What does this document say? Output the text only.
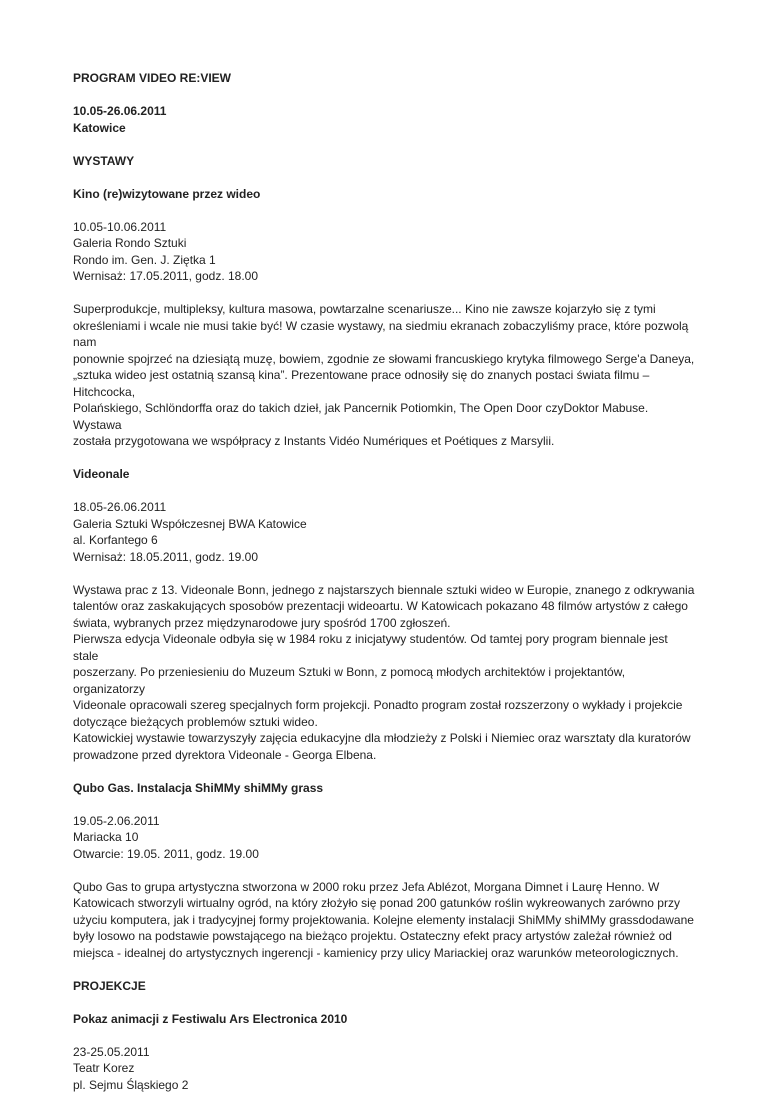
PROGRAM VIDEO RE:VIEW

10.05-26.06.2011

Katowice

WYSTAWY

Kino (re)wizytowane przez wideo

10.05-10.06.2011

Galeria Rondo Sztuki

Rondo im. Gen. J. Ziętka 1

Wernisaż: 17.05.2011, godz. 18.00

Superprodukcje, multipleksy, kultura masowa, powtarzalne scenariusze... Kino nie zawsze kojarzyło się z tymi

określeniami i wcale nie musi takie być! W czasie wystawy, na siedmiu ekranach zobaczyliśmy prace, które pozwolą nam

ponownie spojrzeć na dziesiątą muzę, bowiem, zgodnie ze słowami francuskiego krytyka filmowego Serge'a Daneya,

„sztuka wideo jest ostatnią szansą kina”. Prezentowane prace odnosiły się do znanych postaci świata filmu – Hitchcocka,

Polańskiego, Schlöndorffa oraz do takich dzieł, jak Pancernik Potiomkin, The Open Door czyDoktor Mabuse. Wystawa

została przygotowana we współpracy z Instants Vidéo Numériques et Poétiques z Marsylii.

Videonale

18.05-26.06.2011

Galeria Sztuki Współczesnej BWA Katowice

al. Korfantego 6

Wernisaż: 18.05.2011, godz. 19.00

Wystawa prac z 13. Videonale Bonn, jednego z najstarszych biennale sztuki wideo w Europie, znanego z odkrywania

talentów oraz zaskakujących sposobów prezentacji wideoartu. W Katowicach pokazano 48 filmów artystów z całego

świata, wybranych przez międzynarodowe jury spośród 1700 zgłoszeń.

Pierwsza edycja Videonale odbyła się w 1984 roku z inicjatywy studentów. Od tamtej pory program biennale jest stale

poszerzany. Po przeniesieniu do Muzeum Sztuki w Bonn, z pomocą młodych architektów i projektantów, organizatorzy

Videonale opracowali szereg specjalnych form projekcji. Ponadto program został rozszerzony o wykłady i projekcie

dotyczące bieżących problemów sztuki wideo.

Katowickiej wystawie towarzyszyły zajęcia edukacyjne dla młodzieży z Polski i Niemiec oraz warsztaty dla kuratorów

prowadzone przed dyrektora Videonale - Georga Elbena.

Qubo Gas. Instalacja ShiMMy shiMMy grass

19.05-2.06.2011

Mariacka 10

Otwarcie: 19.05. 2011, godz. 19.00

Qubo Gas to grupa artystyczna stworzona w 2000 roku przez Jefa Ablézot, Morgana Dimnet i Laurę Henno. W

Katowicach stworzyli wirtualny ogród, na który złożyło się ponad 200 gatunków roślin wykreowanych zarówno przy

użyciu komputera, jak i tradycyjnej formy projektowania. Kolejne elementy instalacji ShiMMy shiMMy grassdodawane

były losowo na podstawie powstającego na bieżąco projektu. Ostateczny efekt pracy artystów zależał również od

miejsca - idealnej do artystycznych ingerencji - kamienicy przy ulicy Mariackiej oraz warunków meteorologicznych.

PROJEKCJE

Pokaz animacji z Festiwalu Ars Electronica 2010

23-25.05.2011

Teatr Korez

pl. Sejmu Śląskiego 2
